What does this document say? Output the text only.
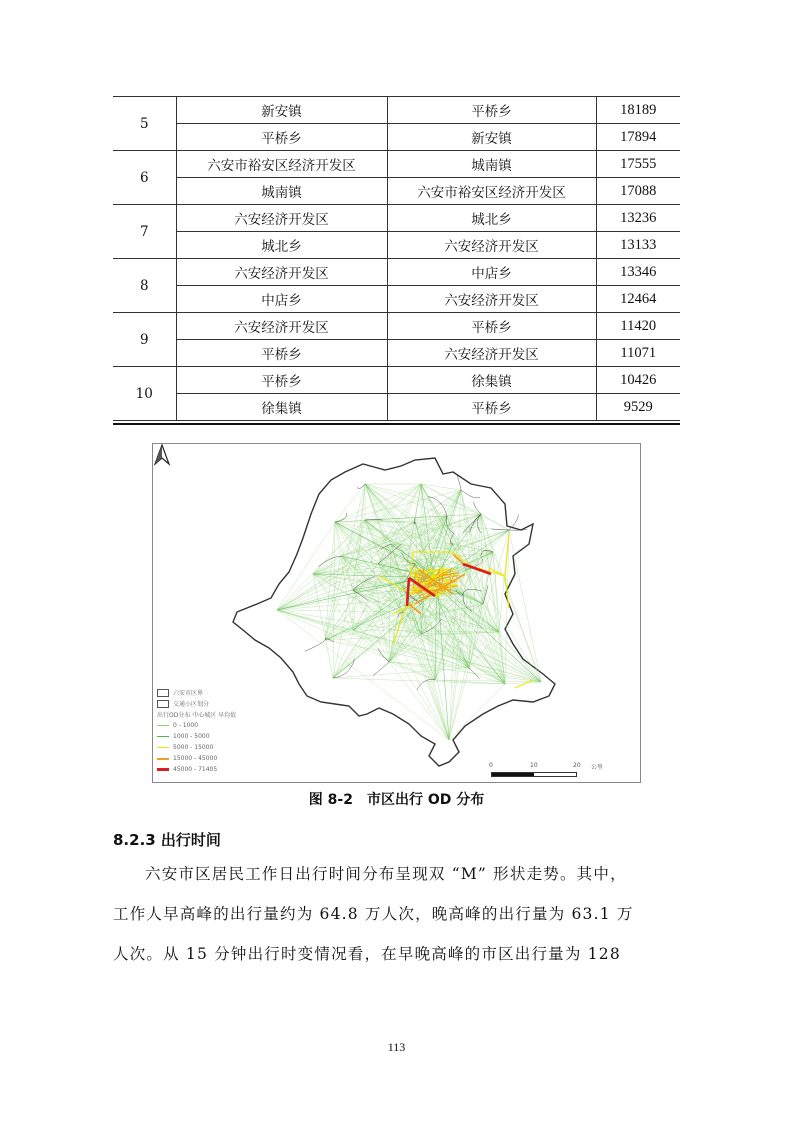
5	新安镇	平桥乡	18189
	平桥乡	新安镇	17894
6	六安市裕安区经济开发区	城南镇	17555
	城南镇	六安市裕安区经济开发区	17088
7	六安经济开发区	城北乡	13236
	城北乡	六安经济开发区	13133
8	六安经济开发区	中店乡	13346
	中店乡	六安经济开发区	12464
9	六安经济开发区	平桥乡	11420
	平桥乡	六安经济开发区	11071
10	平桥乡	徐集镇	10426
	徐集镇	平桥乡	9529
六安市区界
交通小区划分
出行OD分布 中心城区 早均值
0 - 1000
1000 - 5000
5000 - 15000
15000 - 45000
45000 - 71405
0	10	20 公里
图 8-2　市区出行 OD 分布
8.2.3 出行时间
六安市区居民工作日出行时间分布呈现双 “M” 形状走势。其中，
工作人早高峰的出行量约为 64.8 万人次，晚高峰的出行量为 63.1 万
人次。从 15 分钟出行时变情况看，在早晚高峰的市区出行量为 128
113
